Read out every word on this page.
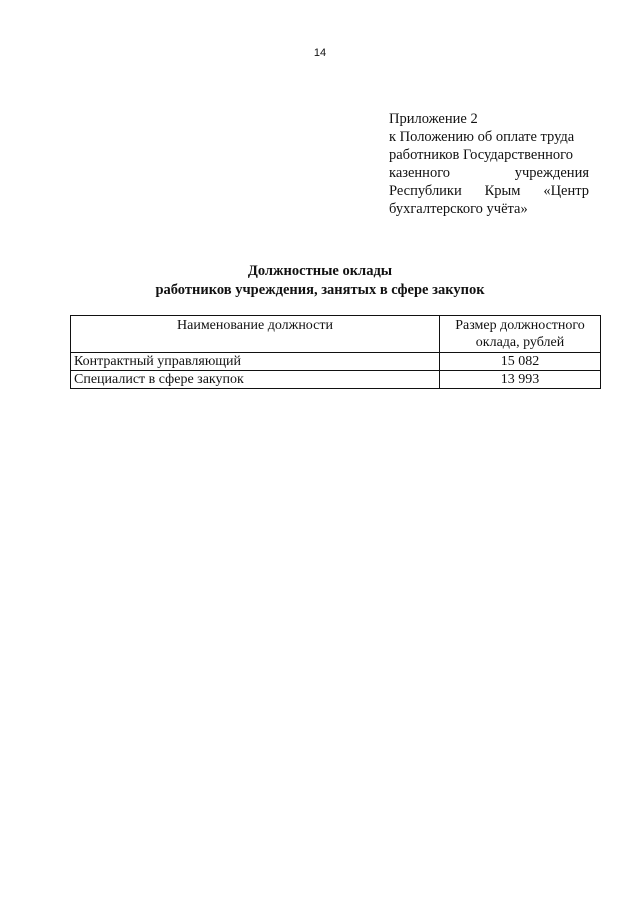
14
Приложение 2
к Положению об оплате труда
работников Государственного
казенного	учреждения
Республики Крым «Центр
бухгалтерского учёта»
Должностные оклады
работников учреждения, занятых в сфере закупок
Наименование должности	Размер должностного оклада, рублей
Контрактный управляющий	15 082
Специалист в сфере закупок	13 993
